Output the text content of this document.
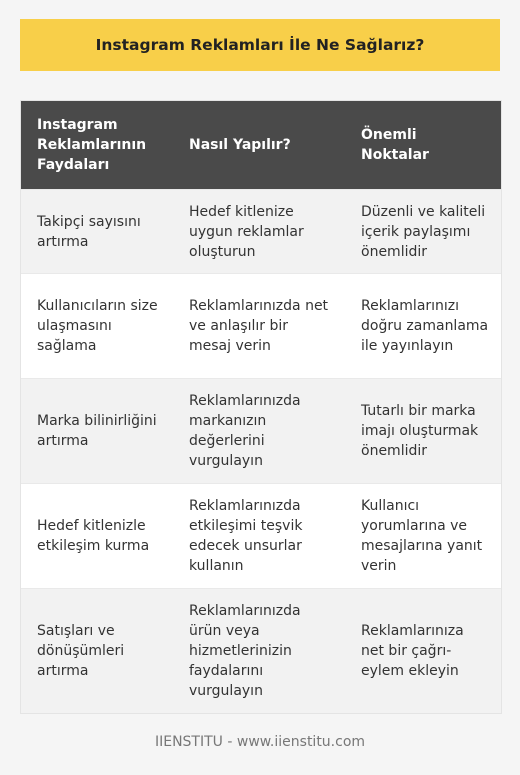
Instagram Reklamları İle Ne Sağlarız?
Instagram Reklamlarının Faydaları	Nasıl Yapılır?	Önemli Noktalar
Takipçi sayısını artırma	Hedef kitlenize uygun reklamlar oluşturun	Düzenli ve kaliteli içerik paylaşımı önemlidir
Kullanıcıların size ulaşmasını sağlama	Reklamlarınızda net ve anlaşılır bir mesaj verin	Reklamlarınızı doğru zamanlama ile yayınlayın
Marka bilinirliğini artırma	Reklamlarınızda markanızın değerlerini vurgulayın	Tutarlı bir marka imajı oluşturmak önemlidir
Hedef kitlenizle etkileşim kurma	Reklamlarınızda etkileşimi teşvik edecek unsurlar kullanın	Kullanıcı yorumlarına ve mesajlarına yanıt verin
Satışları ve dönüşümleri artırma	Reklamlarınızda ürün veya hizmetlerinizin faydalarını vurgulayın	Reklamlarınıza net bir çağrı-eylem ekleyin
IIENSTITU - www.iienstitu.com
